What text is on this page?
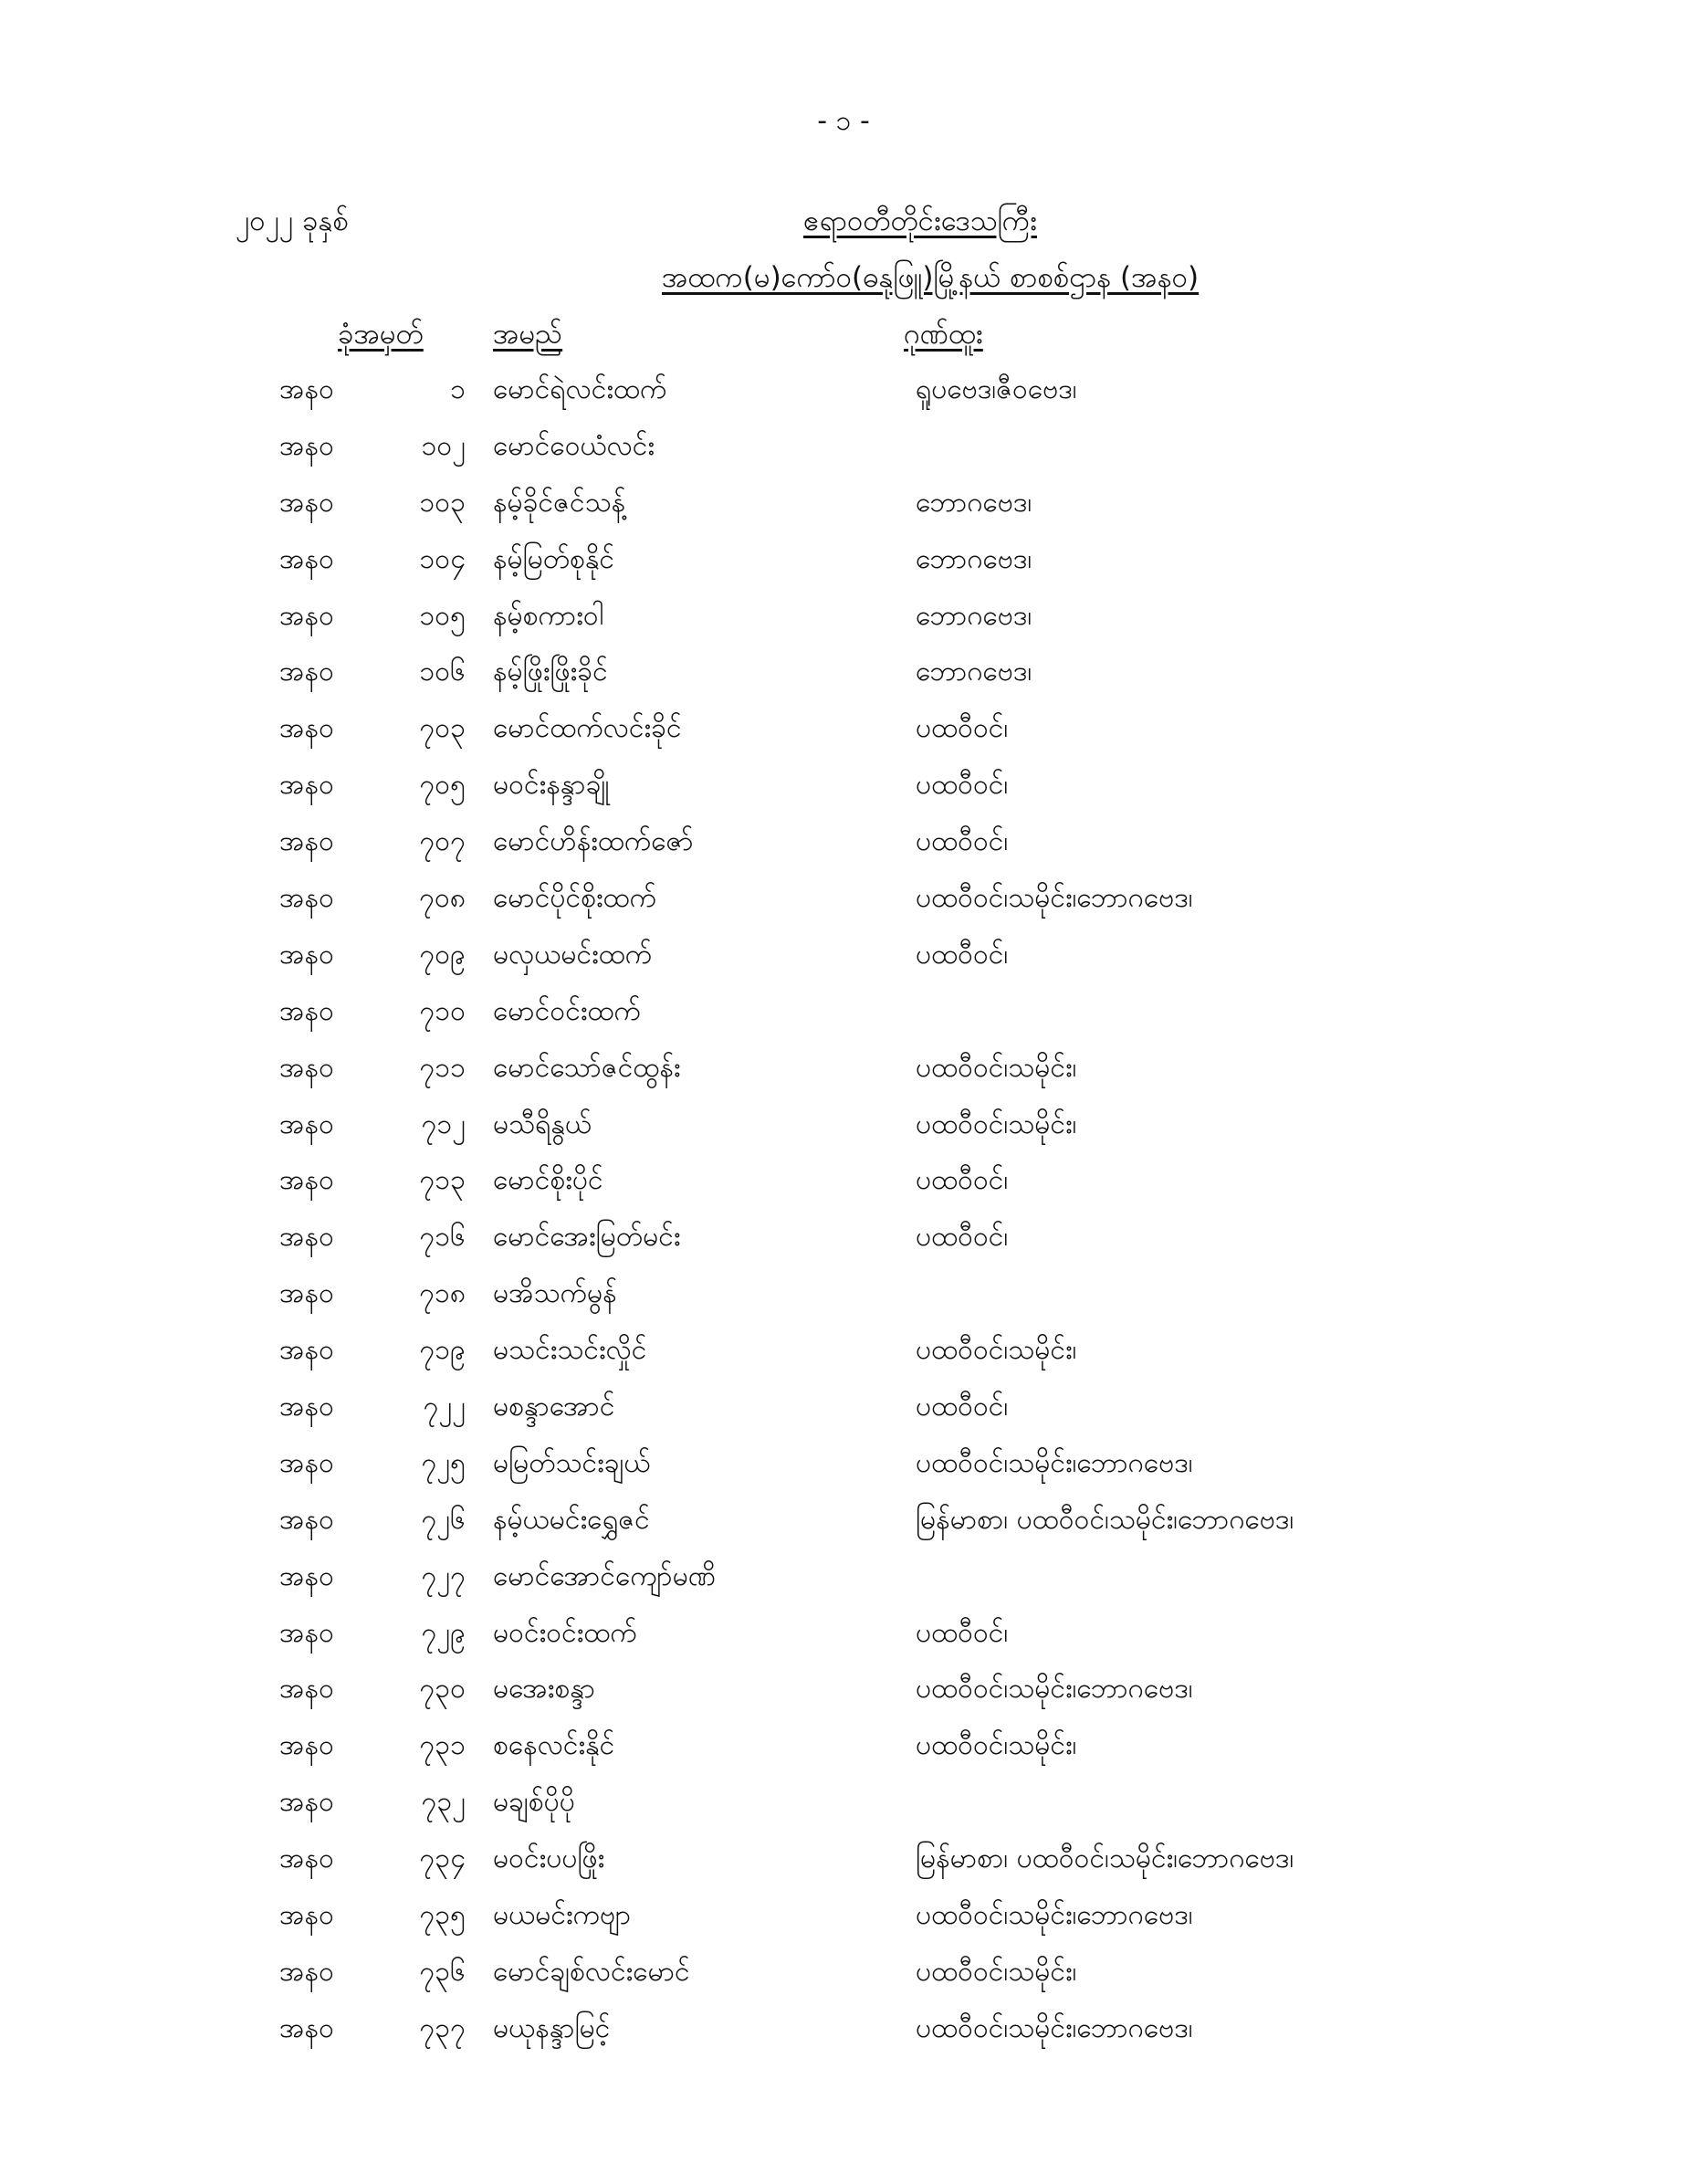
- ၁ -
၂၀၂၂ ခုနှစ်	ဧရာဝတီတိုင်းဒေသကြီး
အထက(မ)ကော်ဝ(ဓနုဖြူ)မြို့နယ် စာစစ်ဌာန (အနဝ)
ခုံအမှတ် အမည်	ဂုဏ်ထူး
အနဝ	၁ မောင်ရဲလင်းထက်	ရူပဗေဒ၊ဇီဝဗေဒ၊
အနဝ	၁၀၂ မောင်ဝေယံလင်း
အနဝ	၁၀၃ နမ့်ခိုင်ဇင်သန့်	ဘောဂဗေဒ၊
အနဝ	၁၀၄ နမ့်မြတ်စုနိုင်	ဘောဂဗေဒ၊
အနဝ	၁၀၅ နမ့်စကားဝါ	ဘောဂဗေဒ၊
အနဝ	၁၀၆ နမ့်ဖြိုးဖြိုးခိုင်	ဘောဂဗေဒ၊
အနဝ	၇၀၃ မောင်ထက်လင်းခိုင်	ပထဝီဝင်၊
အနဝ	၇၀၅ မဝင်းနန္ဒာချို	ပထဝီဝင်၊
အနဝ	၇၀၇ မောင်ဟိန်းထက်ဇော်	ပထဝီဝင်၊
အနဝ	၇၀၈ မောင်ပိုင်စိုးထက်	ပထဝီဝင်၊သမိုင်း၊ဘောဂဗေဒ၊
အနဝ	၇၀၉ မလှယမင်းထက်	ပထဝီဝင်၊
အနဝ	၇၁၀ မောင်ဝင်းထက်
အနဝ	၇၁၁ မောင်သော်ဇင်ထွန်း	ပထဝီဝင်၊သမိုင်း၊
အနဝ	၇၁၂ မသီရိနွယ်	ပထဝီဝင်၊သမိုင်း၊
အနဝ	၇၁၃ မောင်စိုးပိုင်	ပထဝီဝင်၊
အနဝ	၇၁၆ မောင်အေးမြတ်မင်း	ပထဝီဝင်၊
အနဝ	၇၁၈ မအိသက်မွန်
အနဝ	၇၁၉ မသင်းသင်းလှိုင်	ပထဝီဝင်၊သမိုင်း၊
အနဝ	၇၂၂ မစန္ဒာအောင်	ပထဝီဝင်၊
အနဝ	၇၂၅ မမြတ်သင်းချယ်	ပထဝီဝင်၊သမိုင်း၊ဘောဂဗေဒ၊
အနဝ	၇၂၆ နမ့်ယမင်းရွှေဇင်	မြန်မာစာ၊ ပထဝီဝင်၊သမိုင်း၊ဘောဂဗေဒ၊
အနဝ	၇၂၇ မောင်အောင်ကျော်မဏိ
အနဝ	၇၂၉ မဝင်းဝင်းထက်	ပထဝီဝင်၊
အနဝ	၇၃၀ မအေးစန္ဒာ	ပထဝီဝင်၊သမိုင်း၊ဘောဂဗေဒ၊
အနဝ	၇၃၁ စနေလင်းနိုင်	ပထဝီဝင်၊သမိုင်း၊
အနဝ	၇၃၂ မချစ်ပိုပို
အနဝ	၇၃၄ မဝင်းပပဖြိုး	မြန်မာစာ၊ ပထဝီဝင်၊သမိုင်း၊ဘောဂဗေဒ၊
အနဝ	၇၃၅ မယမင်းကဗျာ	ပထဝီဝင်၊သမိုင်း၊ဘောဂဗေဒ၊
အနဝ	၇၃၆ မောင်ချစ်လင်းမောင်	ပထဝီဝင်၊သမိုင်း၊
အနဝ	၇၃၇ မယုနန္ဒာမြင့်	ပထဝီဝင်၊သမိုင်း၊ဘောဂဗေဒ၊
